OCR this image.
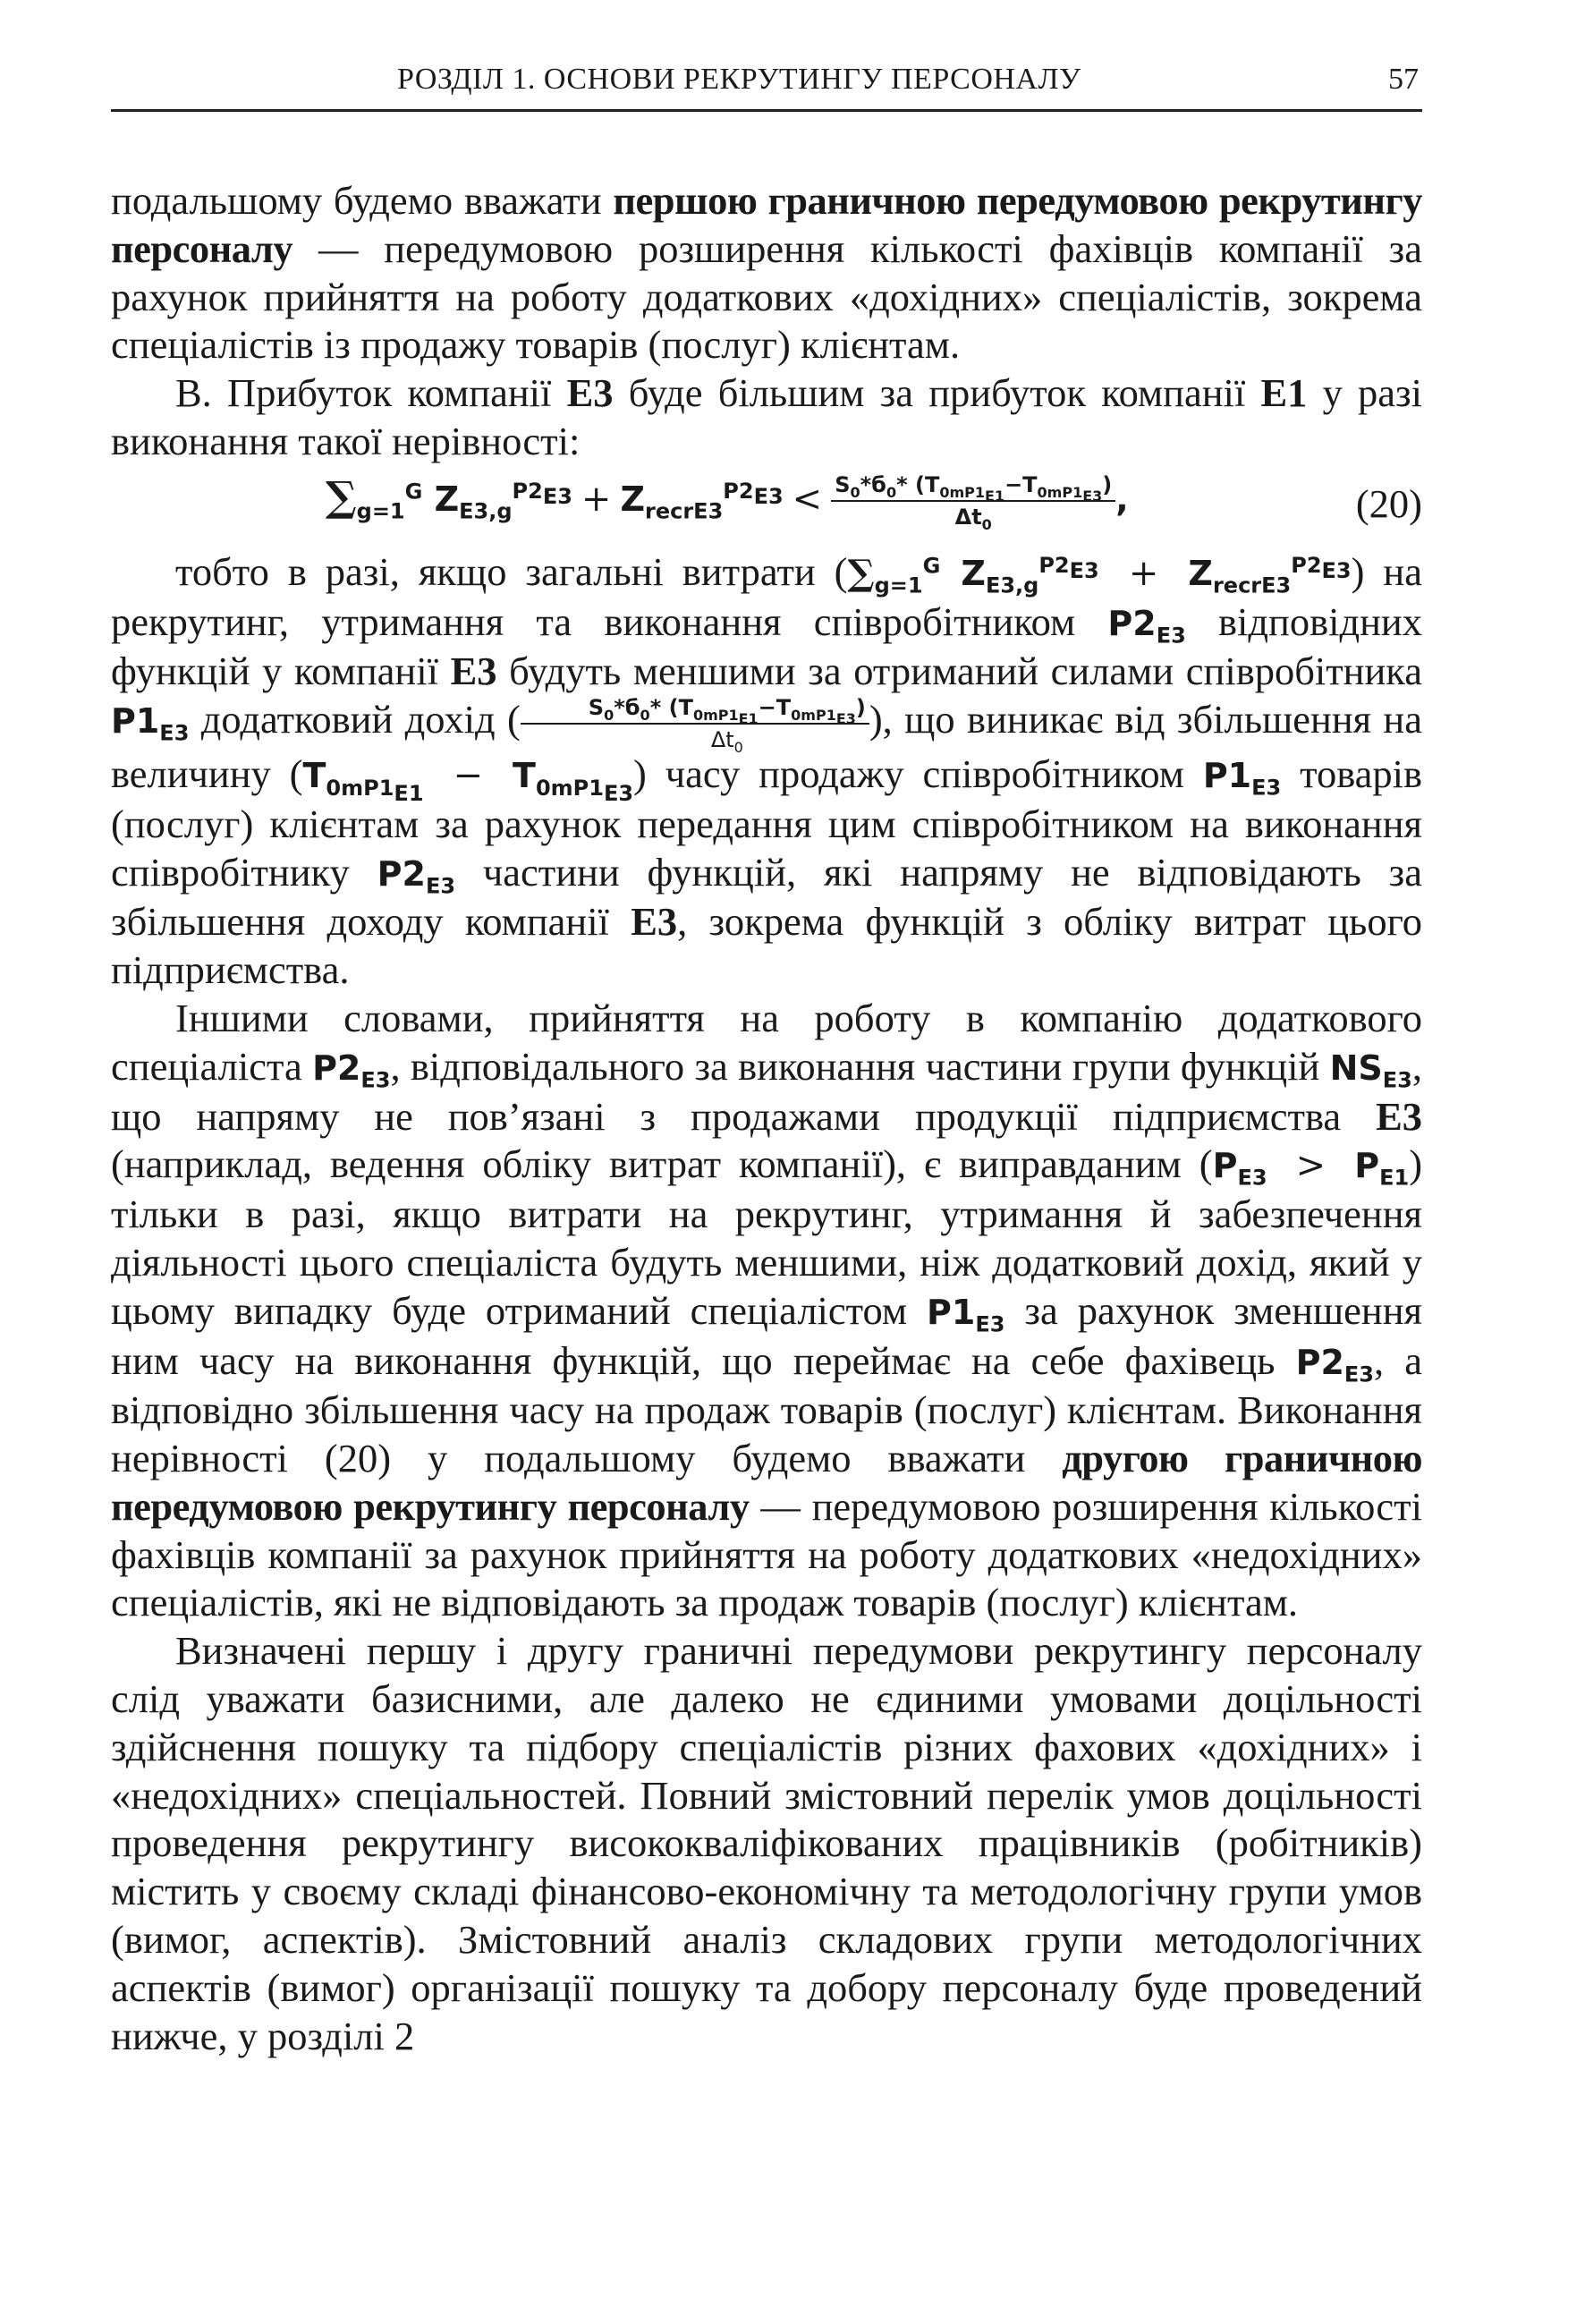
РОЗДІЛ 1. ОСНОВИ РЕКРУТИНГУ ПЕРСОНАЛУ	57

подальшому будемо вважати першою граничною передумовою рекрутингу персоналу — передумовою розширення кількості фахівців компанії за рахунок прийняття на роботу додаткових «дохідних» спеціалістів, зокрема спеціалістів із продажу товарів (послуг) клієнтам.

В. Прибуток компанії Е3 буде більшим за прибуток компанії Е1 у разі виконання такої нерівності:

$\sum_{g=1}^G$ $Z_{E3,g}^{P2_{E3}} + Z_{recrE3}^{P2_{E3}} < \frac{S_0*б_0* (T_{0mP1_{E1}}-T_{0mP1_{E3}})}{\Delta t_0}$ ,	(20)

тобто в разі, якщо загальні витрати ($\sum_{g=1}^G$ $Z_{E3,g}^{P2_{E3}} + Z_{recrE3}^{P2_{E3}}$) на рекрутинг, утримання та виконання співробітником $P2_{E3}$ відповідних функцій у компанії Е3 будуть меншими за отриманий силами співробітника $P1_{E3}$ додатковий дохід ( $\frac{S_0*б_0* (T_{0mP1_{E1}}-T_{0mP1_{E3}})}{\Delta t_0}$ ), що виникає від збільшення на величину $(T_{0mP1_{E1}} - T_{0mP1_{E3}})$ часу продажу співробітником $P1_{E3}$ товарів (послуг) клієнтам за рахунок передання цим співробітником на виконання співробітнику $P2_{E3}$ частини функцій, які напряму не відповідають за збільшення доходу компанії Е3, зокрема функцій з обліку витрат цього підприємства.

Іншими словами, прийняття на роботу в компанію додаткового спеціаліста $P2_{E3}$, відповідального за виконання частини групи функцій $NS_{E3}$, що напряму не пов’язані з продажами продукції підприємства Е3 (наприклад, ведення обліку витрат компанії), є виправданим $(P_{E3} > P_{E1})$ тільки в разі, якщо витрати на рекрутинг, утримання й забезпечення діяльності цього спеціаліста будуть меншими, ніж додатковий дохід, який у цьому випадку буде отриманий спеціалістом $P1_{E3}$ за рахунок зменшення ним часу на виконання функцій, що переймає на себе фахівець $P2_{E3}$, а відповідно збільшення часу на продаж товарів (послуг) клієнтам. Виконання нерівності (20) у подальшому будемо вважати другою граничною передумовою рекрутингу персоналу — передумовою розширення кількості фахівців компанії за рахунок прийняття на роботу додаткових «недохідних» спеціалістів, які не відповідають за продаж товарів (послуг) клієнтам.

Визначені першу і другу граничні передумови рекрутингу персоналу слід уважати базисними, але далеко не єдиними умовами доцільності здійснення пошуку та підбору спеціалістів різних фахових «дохідних» і «недохідних» спеціальностей. Повний змістовний перелік умов доцільності проведення рекрутингу висококваліфікованих працівників (робітників) містить у своєму складі фінансово-економічну та методологічну групи умов (вимог, аспектів). Змістовний аналіз складових групи методологічних аспектів (вимог) організації пошуку та добору персоналу буде проведений нижче, у розділі 2
